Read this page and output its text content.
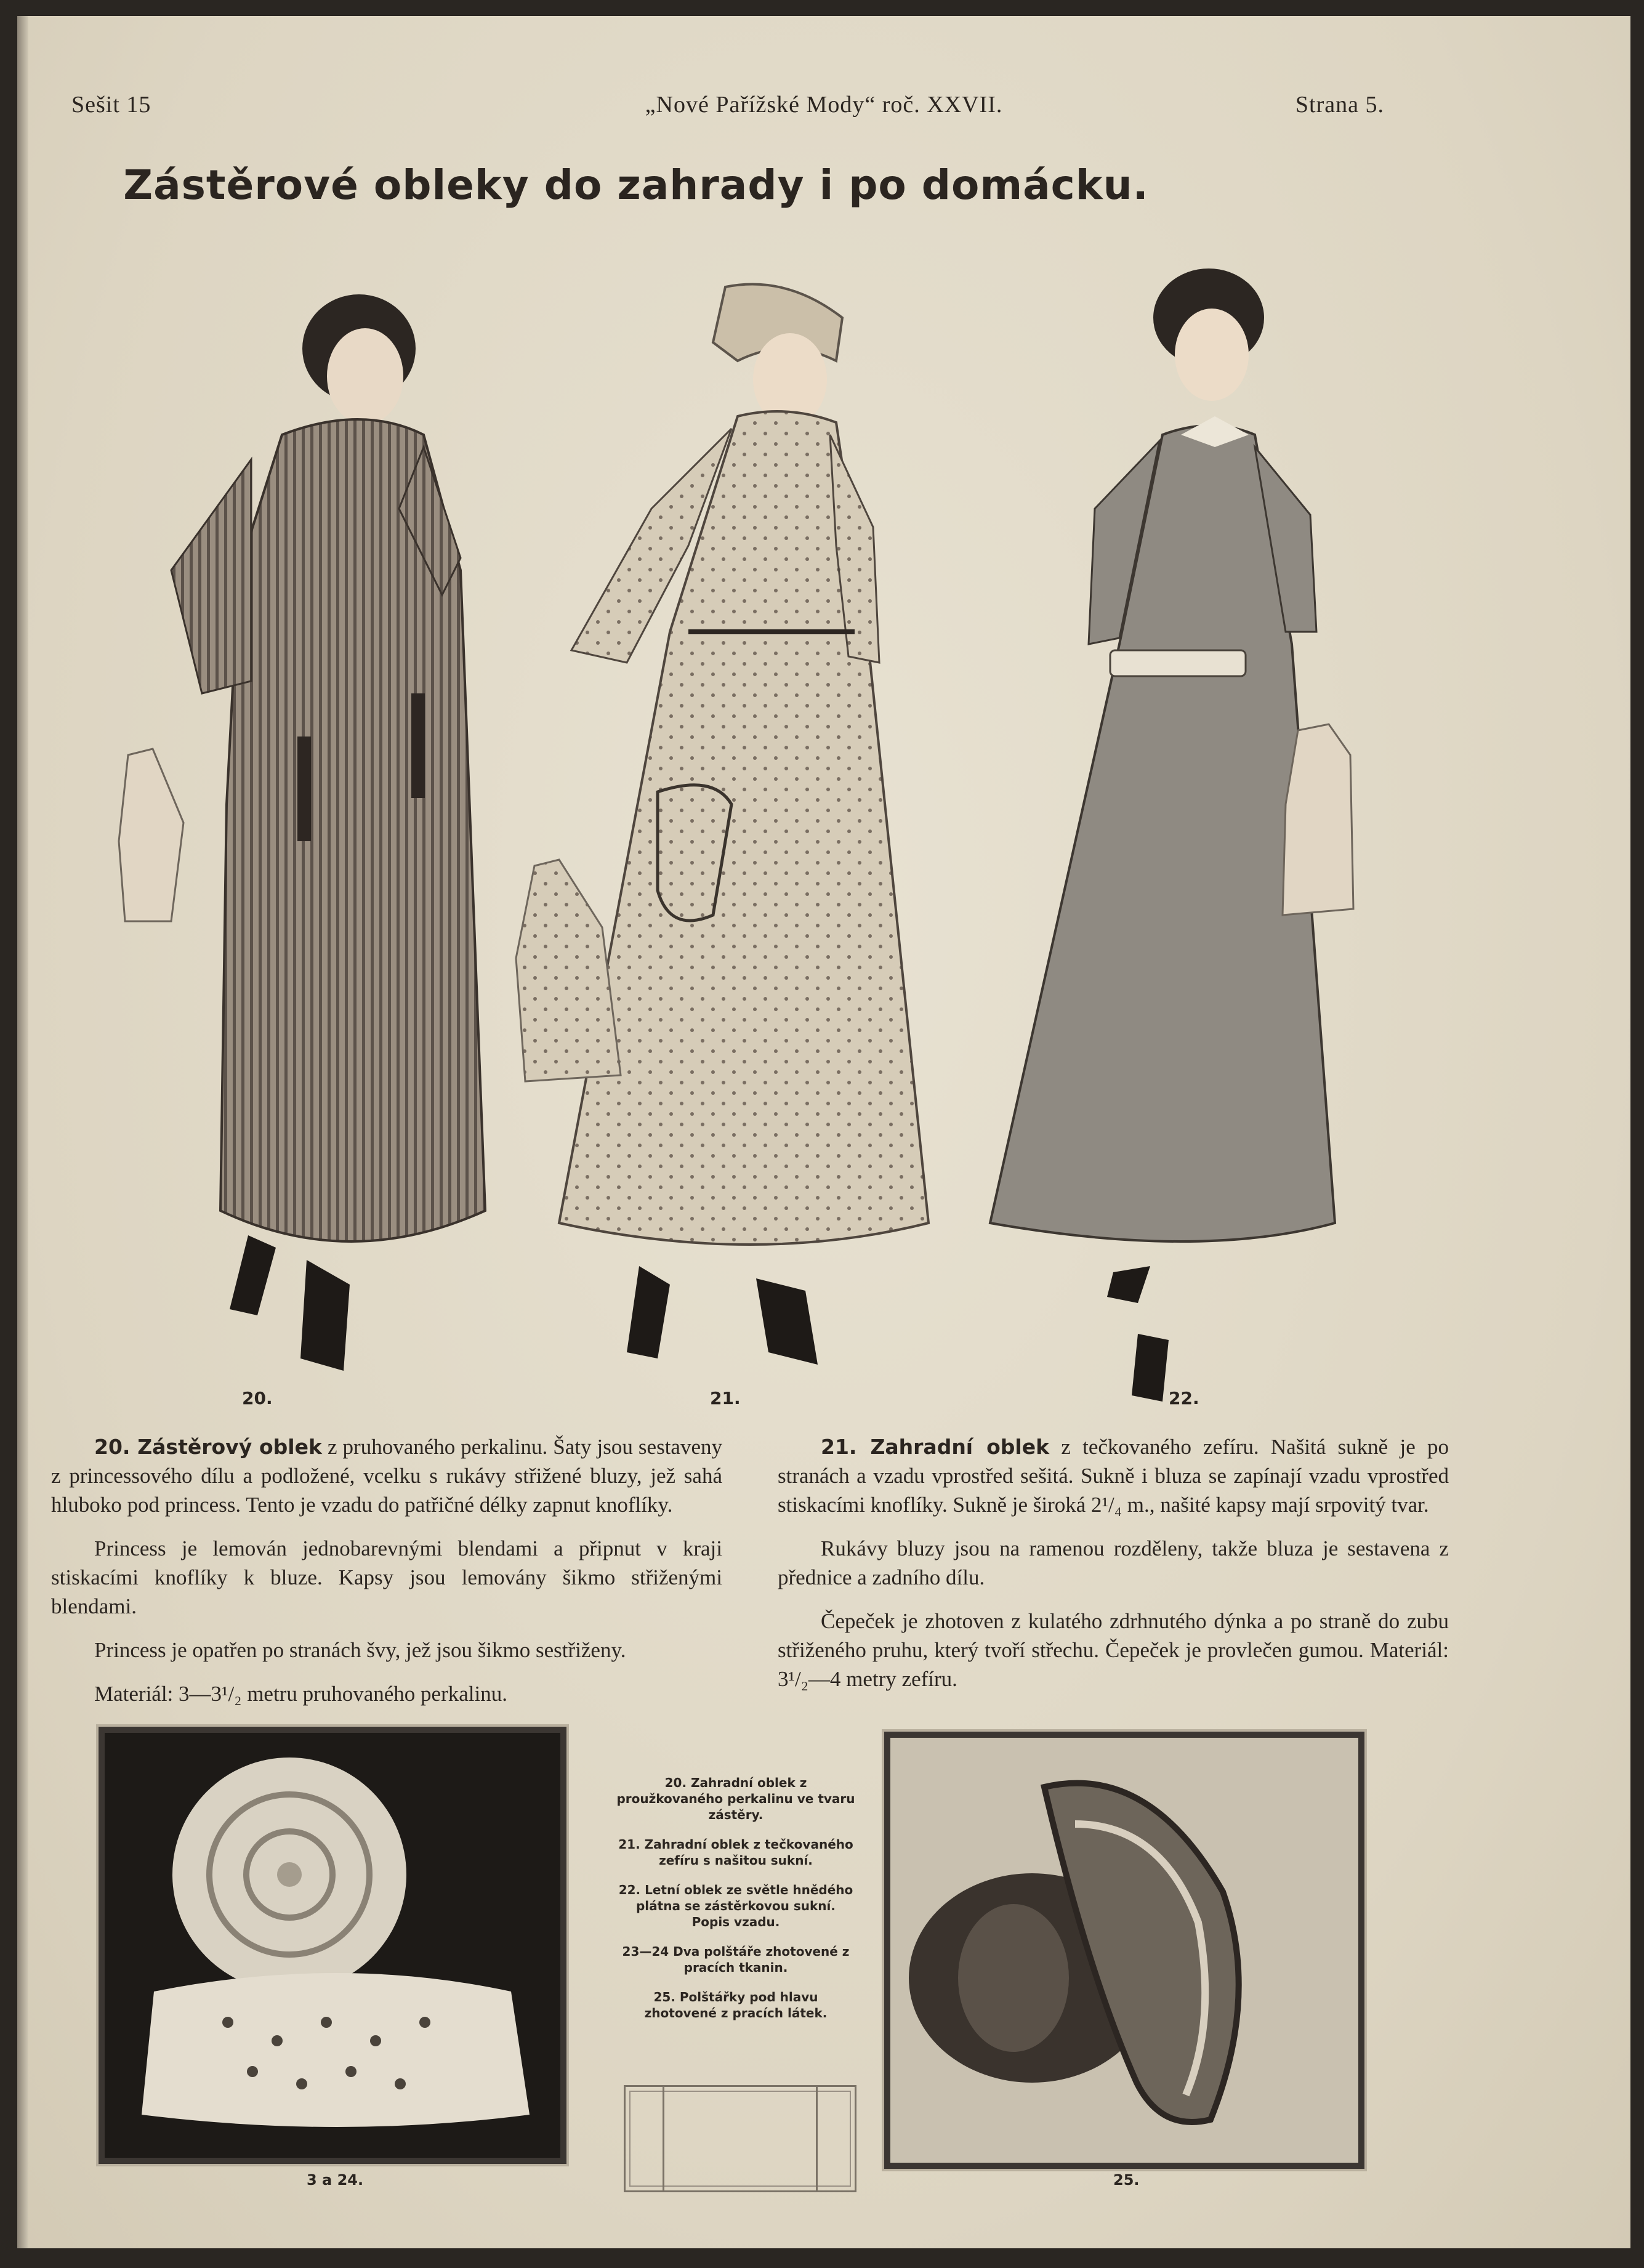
Sešit 15	„Nové Pařížské Mody“ roč. XXVII.	Strana 5.
Zástěrové obleky do zahrady i po domácku.
20.	21.	22.

20. Zástěrový oblek z pruhovaného perkalinu. Šaty jsou sestaveny z princessového dílu a podložené, vcelku s rukávy střižené bluzy, jež sahá hluboko pod princess. Tento je vzadu do patřičné délky zapnut knoflíky.

Princess je lemován jednobarevnými blendami a připnut v kraji stiskacími knoflíky k bluze. Kapsy jsou lemovány šikmo střiženými blendami.

Princess je opatřen po stranách švy, jež jsou šikmo sestřiženy.

Materiál: 3—3¹/₂ metru pruhovaného perkalinu.

21. Zahradní oblek z tečkovaného zefíru. Našitá sukně je po stranách a vzadu vprostřed sešitá. Sukně i bluza se zapínají vzadu vprostřed stiskacími knoflíky. Sukně je široká 2¹/₄ m., našité kapsy mají srpovitý tvar.

Rukávy bluzy jsou na ramenou rozděleny, takže bluza je sestavena z přednice a zadního dílu.

Čepeček je zhotoven z kulatého zdrhnutého dýnka a po straně do zubu střiženého pruhu, který tvoří střechu. Čepeček je provlečen gumou. Materiál: 3¹/₂—4 metry zefíru.

3 a 24.
20. Zahradní oblek z proužkovaného perkalinu ve tvaru zástěry.
21. Zahradní oblek z tečkovaného zefíru s našitou sukní.
22. Letní oblek ze světle hnědého plátna se zástěrkovou sukní. Popis vzadu.
23—24 Dva polštáře zhotovené z pracích tkanin.
25. Polštářky pod hlavu zhotovené z pracích látek.
25.
